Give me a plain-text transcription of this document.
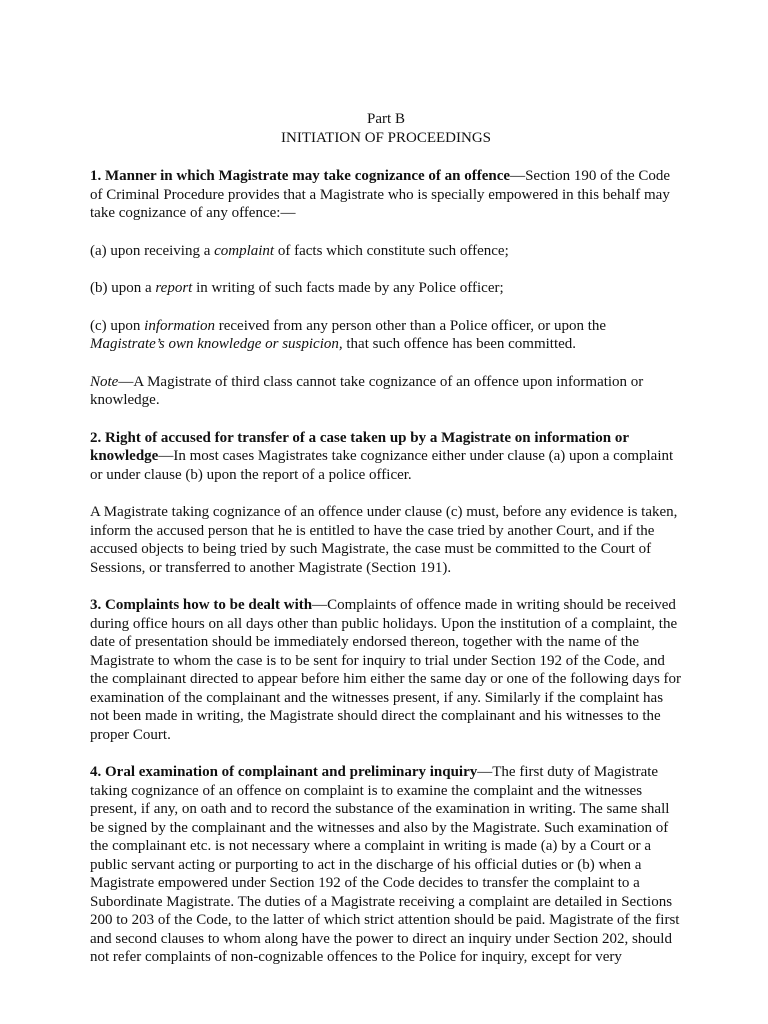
Part B

INITIATION OF PROCEEDINGS

1. Manner in which Magistrate may take cognizance of an offence—Section 190 of the Code of Criminal Procedure provides that a Magistrate who is specially empowered in this behalf may take cognizance of any offence:—

(a) upon receiving a complaint of facts which constitute such offence;

(b) upon a report in writing of such facts made by any Police officer;

(c) upon information received from any person other than a Police officer, or upon the Magistrate’s own knowledge or suspicion, that such offence has been committed.

Note—A Magistrate of third class cannot take cognizance of an offence upon information or knowledge.

2. Right of accused for transfer of a case taken up by a Magistrate on information or knowledge—In most cases Magistrates take cognizance either under clause (a) upon a complaint or under clause (b) upon the report of a police officer.

A Magistrate taking cognizance of an offence under clause (c) must, before any evidence is taken, inform the accused person that he is entitled to have the case tried by another Court, and if the accused objects to being tried by such Magistrate, the case must be committed to the Court of Sessions, or transferred to another Magistrate (Section 191).

3. Complaints how to be dealt with—Complaints of offence made in writing should be received during office hours on all days other than public holidays. Upon the institution of a complaint, the date of presentation should be immediately endorsed thereon, together with the name of the Magistrate to whom the case is to be sent for inquiry to trial under Section 192 of the Code, and the complainant directed to appear before him either the same day or one of the following days for examination of the complainant and the witnesses present, if any. Similarly if the complaint has not been made in writing, the Magistrate should direct the complainant and his witnesses to the proper Court.

4. Oral examination of complainant and preliminary inquiry—The first duty of Magistrate taking cognizance of an offence on complaint is to examine the complaint and the witnesses present, if any, on oath and to record the substance of the examination in writing. The same shall be signed by the complainant and the witnesses and also by the Magistrate. Such examination of the complainant etc. is not necessary where a complaint in writing is made (a) by a Court or a public servant acting or purporting to act in the discharge of his official duties or (b) when a Magistrate empowered under Section 192 of the Code decides to transfer the complaint to a Subordinate Magistrate. The duties of a Magistrate receiving a complaint are detailed in Sections 200 to 203 of the Code, to the latter of which strict attention should be paid. Magistrate of the first and second clauses to whom along have the power to direct an inquiry under Section 202, should not refer complaints of non-cognizable offences to the Police for inquiry, except for very
